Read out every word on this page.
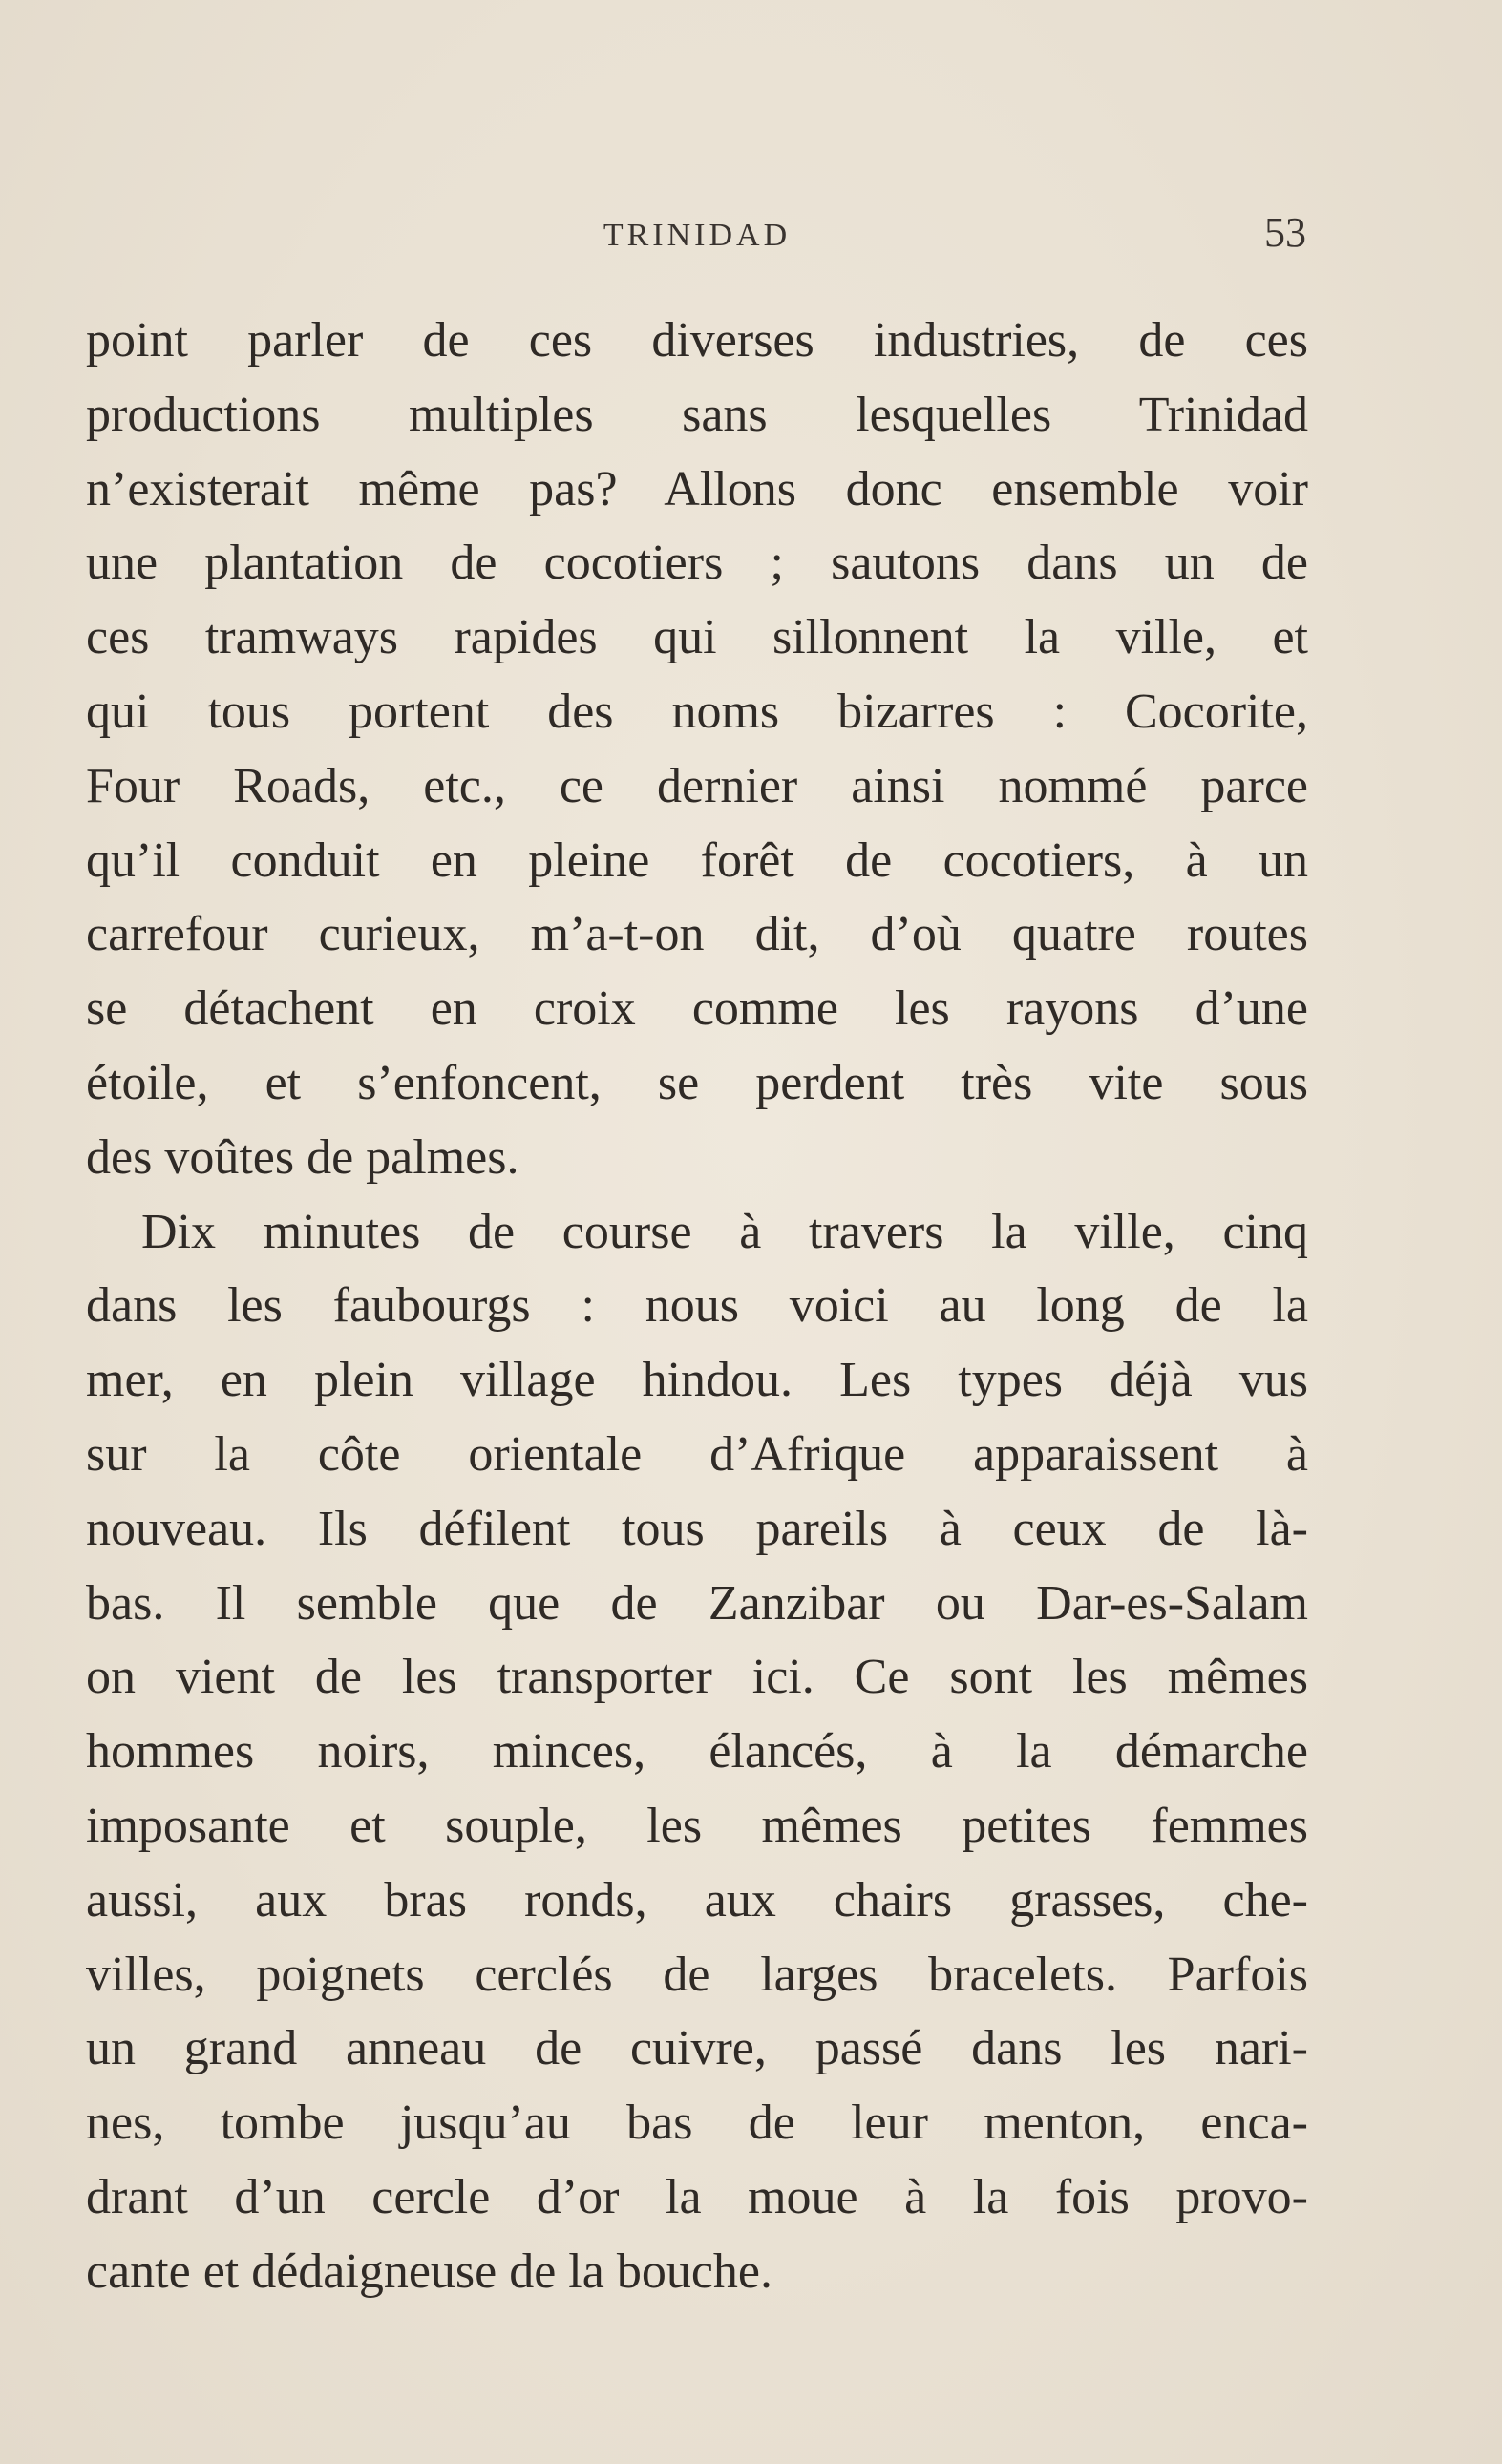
TRINIDAD	53
point parler de ces diverses industries, de ces
productions multiples sans lesquelles Trinidad
n’existerait même pas? Allons donc ensemble voir
une plantation de cocotiers ; sautons dans un de
ces tramways rapides qui sillonnent la ville, et
qui tous portent des noms bizarres : Cocorite,
Four Roads, etc., ce dernier ainsi nommé parce
qu’il conduit en pleine forêt de cocotiers, à un
carrefour curieux, m’a-t-on dit, d’où quatre routes
se détachent en croix comme les rayons d’une
étoile, et s’enfoncent, se perdent très vite sous
des voûtes de palmes.
Dix minutes de course à travers la ville, cinq
dans les faubourgs : nous voici au long de la
mer, en plein village hindou. Les types déjà vus
sur la côte orientale d’Afrique apparaissent à
nouveau. Ils défilent tous pareils à ceux de là-
bas. Il semble que de Zanzibar ou Dar-es-Salam
on vient de les transporter ici. Ce sont les mêmes
hommes noirs, minces, élancés, à la démarche
imposante et souple, les mêmes petites femmes
aussi, aux bras ronds, aux chairs grasses, che-
villes, poignets cerclés de larges bracelets. Parfois
un grand anneau de cuivre, passé dans les nari-
nes, tombe jusqu’au bas de leur menton, enca-
drant d’un cercle d’or la moue à la fois provo-
cante et dédaigneuse de la bouche.
